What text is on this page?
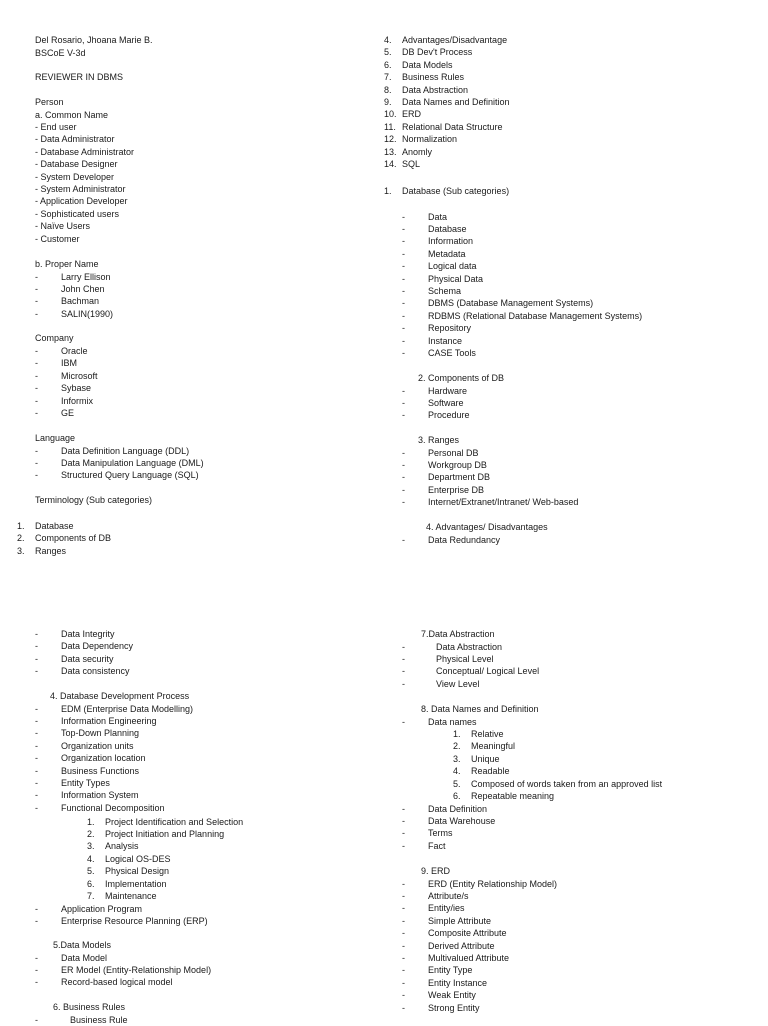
Del Rosario, Jhoana Marie B.
BSCoE V-3d
REVIEWER IN DBMS
Person
a. Common Name
- End user
- Data Administrator
- Database Administrator
- Database Designer
- System Developer
- System Administrator
- Application Developer
- Sophisticated users
- Naïve Users
- Customer
b. Proper Name
-	Larry Ellison
-	John Chen
-	Bachman
-	SALIN(1990)
Company
-	Oracle
-	IBM
-	Microsoft
-	Sybase
-	Informix
-	GE
Language
-	Data Definition Language (DDL)
-	Data Manipulation Language (DML)
-	Structured Query Language (SQL)
Terminology (Sub categories)
1. Database
2. Components of DB
3. Ranges
4. Advantages/Disadvantage
5. DB Dev't Process
6. Data Models
7. Business Rules
8. Data Abstraction
9. Data Names and Definition
10. ERD
11. Relational Data Structure
12. Normalization
13. Anomly
14. SQL
1. Database (Sub categories)
-	Data
-	Database
-	Information
-	Metadata
-	Logical data
-	Physical Data
-	Schema
-	DBMS (Database Management Systems)
-	RDBMS (Relational Database Management Systems)
-	Repository
-	Instance
-	CASE Tools
2. Components of DB
-	Hardware
-	Software
-	Procedure
3. Ranges
-	Personal DB
-	Workgroup DB
-	Department DB
-	Enterprise DB
-	Internet/Extranet/Intranet/ Web-based
4. Advantages/ Disadvantages
-	Data Redundancy
-	Data Integrity
-	Data Dependency
-	Data security
-	Data consistency
4. Database Development Process
-	EDM (Enterprise Data Modelling)
-	Information Engineering
-	Top-Down Planning
-	Organization units
-	Organization location
-	Business Functions
-	Entity Types
-	Information System
-	Functional Decomposition
1. Project Identification and Selection
2. Project Initiation and Planning
3. Analysis
4. Logical OS-DES
5. Physical Design
6. Implementation
7. Maintenance
-	Application Program
-	Enterprise Resource Planning (ERP)
5.Data Models
-	Data Model
-	ER Model (Entity-Relationship Model)
-	Record-based logical model
6. Business Rules
-	Business Rule
7.Data Abstraction
-	Data Abstraction
-	Physical Level
-	Conceptual/ Logical Level
-	View Level
8. Data Names and Definition
-	Data names
1. Relative
2. Meaningful
3. Unique
4. Readable
5. Composed of words taken from an approved list
6. Repeatable meaning
-	Data Definition
-	Data Warehouse
-	Terms
-	Fact
9. ERD
-	ERD (Entity Relationship Model)
-	Attribute/s
-	Entity/ies
-	Simple Attribute
-	Composite Attribute
-	Derived Attribute
-	Multivalued Attribute
-	Entity Type
-	Entity Instance
-	Weak Entity
-	Strong Entity
